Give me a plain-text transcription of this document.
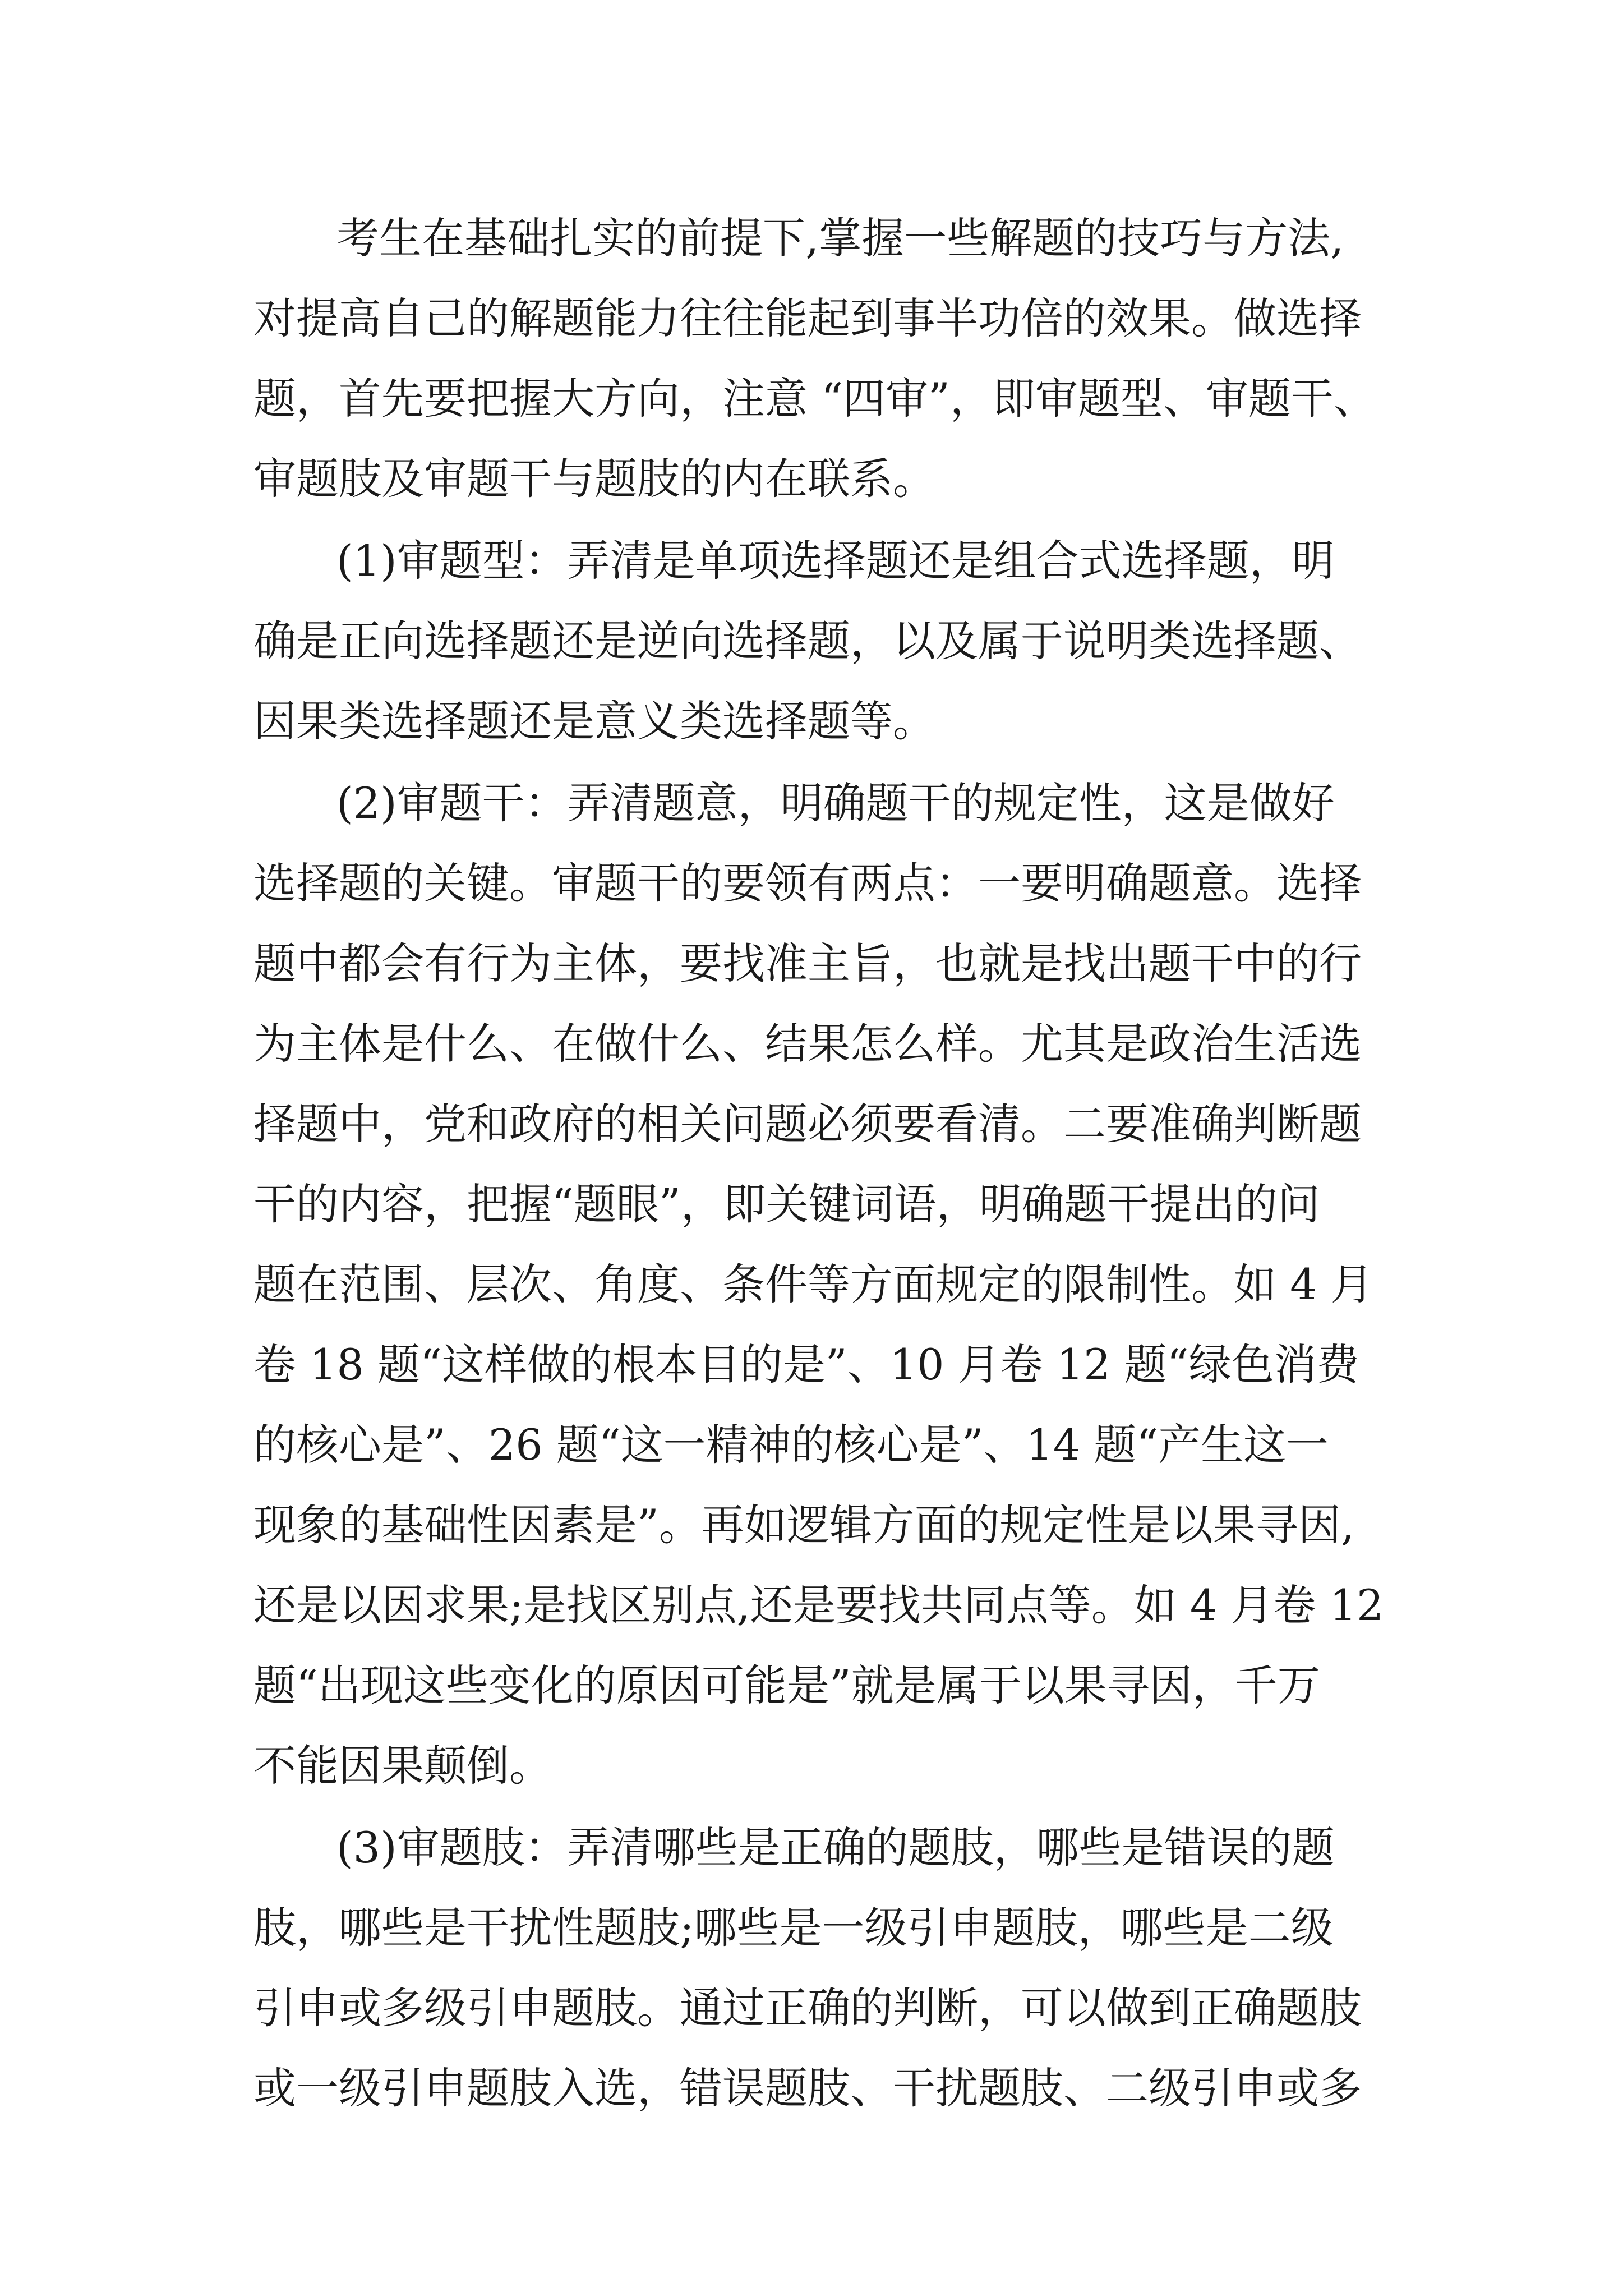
考生在基础扎实的前提下,掌握一些解题的技巧与方法,
对提高自己的解题能力往往能起到事半功倍的效果。做选择
题，首先要把握大方向，注意 “四审”，即审题型、审题干、
审题肢及审题干与题肢的内在联系。
(1)审题型：弄清是单项选择题还是组合式选择题，明
确是正向选择题还是逆向选择题，以及属于说明类选择题、
因果类选择题还是意义类选择题等。
(2)审题干：弄清题意，明确题干的规定性，这是做好
选择题的关键。审题干的要领有两点：一要明确题意。选择
题中都会有行为主体，要找准主旨，也就是找出题干中的行
为主体是什么、在做什么、结果怎么样。尤其是政治生活选
择题中，党和政府的相关问题必须要看清。二要准确判断题
干的内容，把握“题眼”，即关键词语，明确题干提出的问
题在范围、层次、角度、条件等方面规定的限制性。如 4 月
卷 18 题“这样做的根本目的是”、10 月卷 12 题“绿色消费
的核心是”、26 题“这一精神的核心是”、14 题“产生这一
现象的基础性因素是”。再如逻辑方面的规定性是以果寻因,
还是以因求果;是找区别点,还是要找共同点等。如 4 月卷 12
题“出现这些变化的原因可能是”就是属于以果寻因，千万
不能因果颠倒。
(3)审题肢：弄清哪些是正确的题肢，哪些是错误的题
肢，哪些是干扰性题肢;哪些是一级引申题肢，哪些是二级
引申或多级引申题肢。通过正确的判断，可以做到正确题肢
或一级引申题肢入选，错误题肢、干扰题肢、二级引申或多
